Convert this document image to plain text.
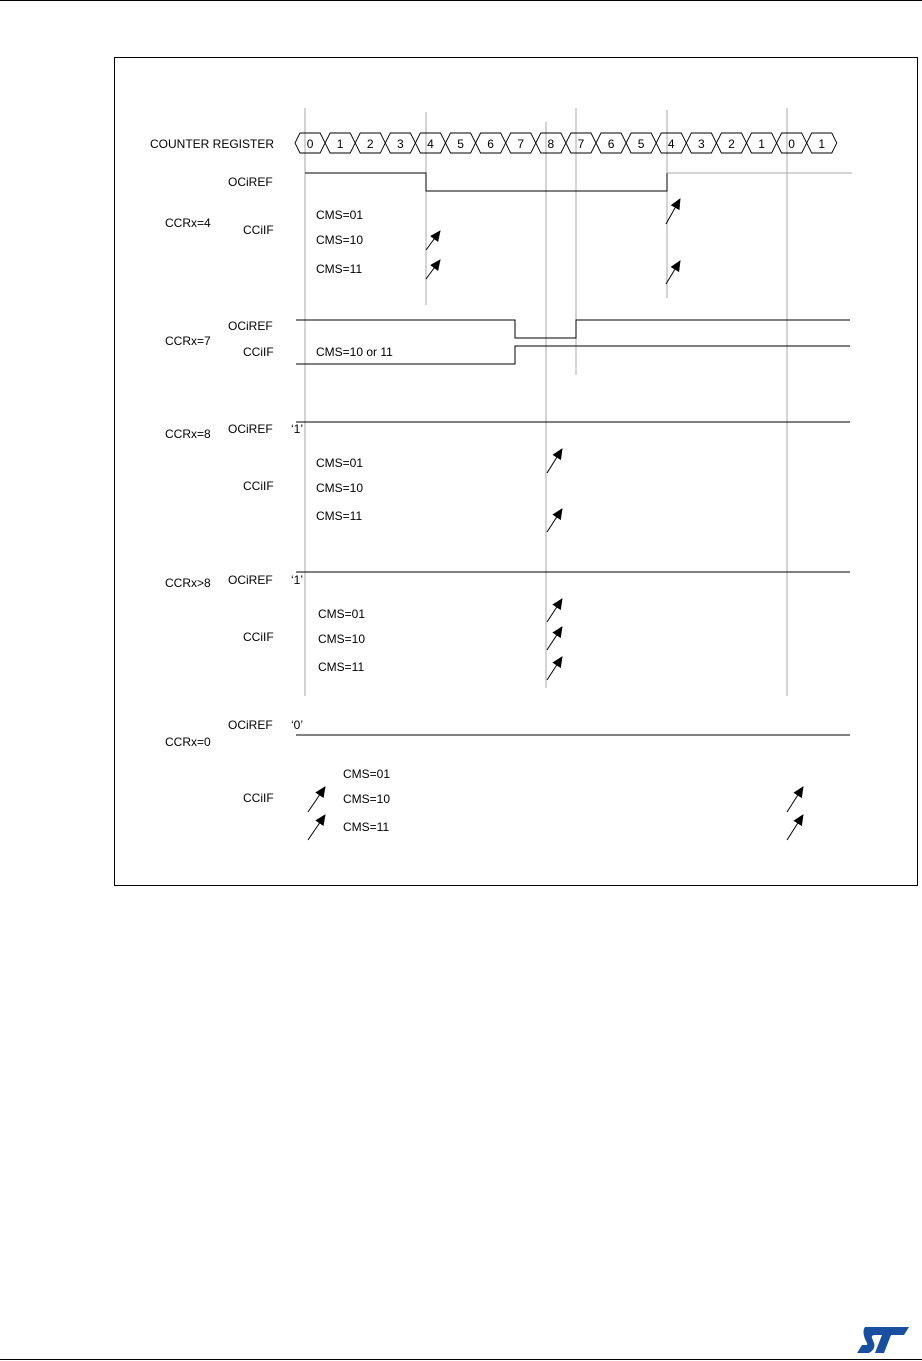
COUNTER REGISTER	0 1 2 3 4 5 6 7 8 7 6 5 4 3 2 1 0 1
CCRx=4
OCiREF
CCiIF
CMS=01
CMS=10
CMS=11
CCRx=7
OCiREF
CCiIF	CMS=10 or 11
CCRx=8 OCiREF
CCiIF
‘1’
CMS=01
CMS=10
CMS=11
CCRx>8 OCiREF
CCiIF
‘1’
CMS=01
CMS=10
CMS=11
CCRx=0
OCiREF
CCiIF
‘0’
CMS=01
CMS=10
CMS=11
ST
